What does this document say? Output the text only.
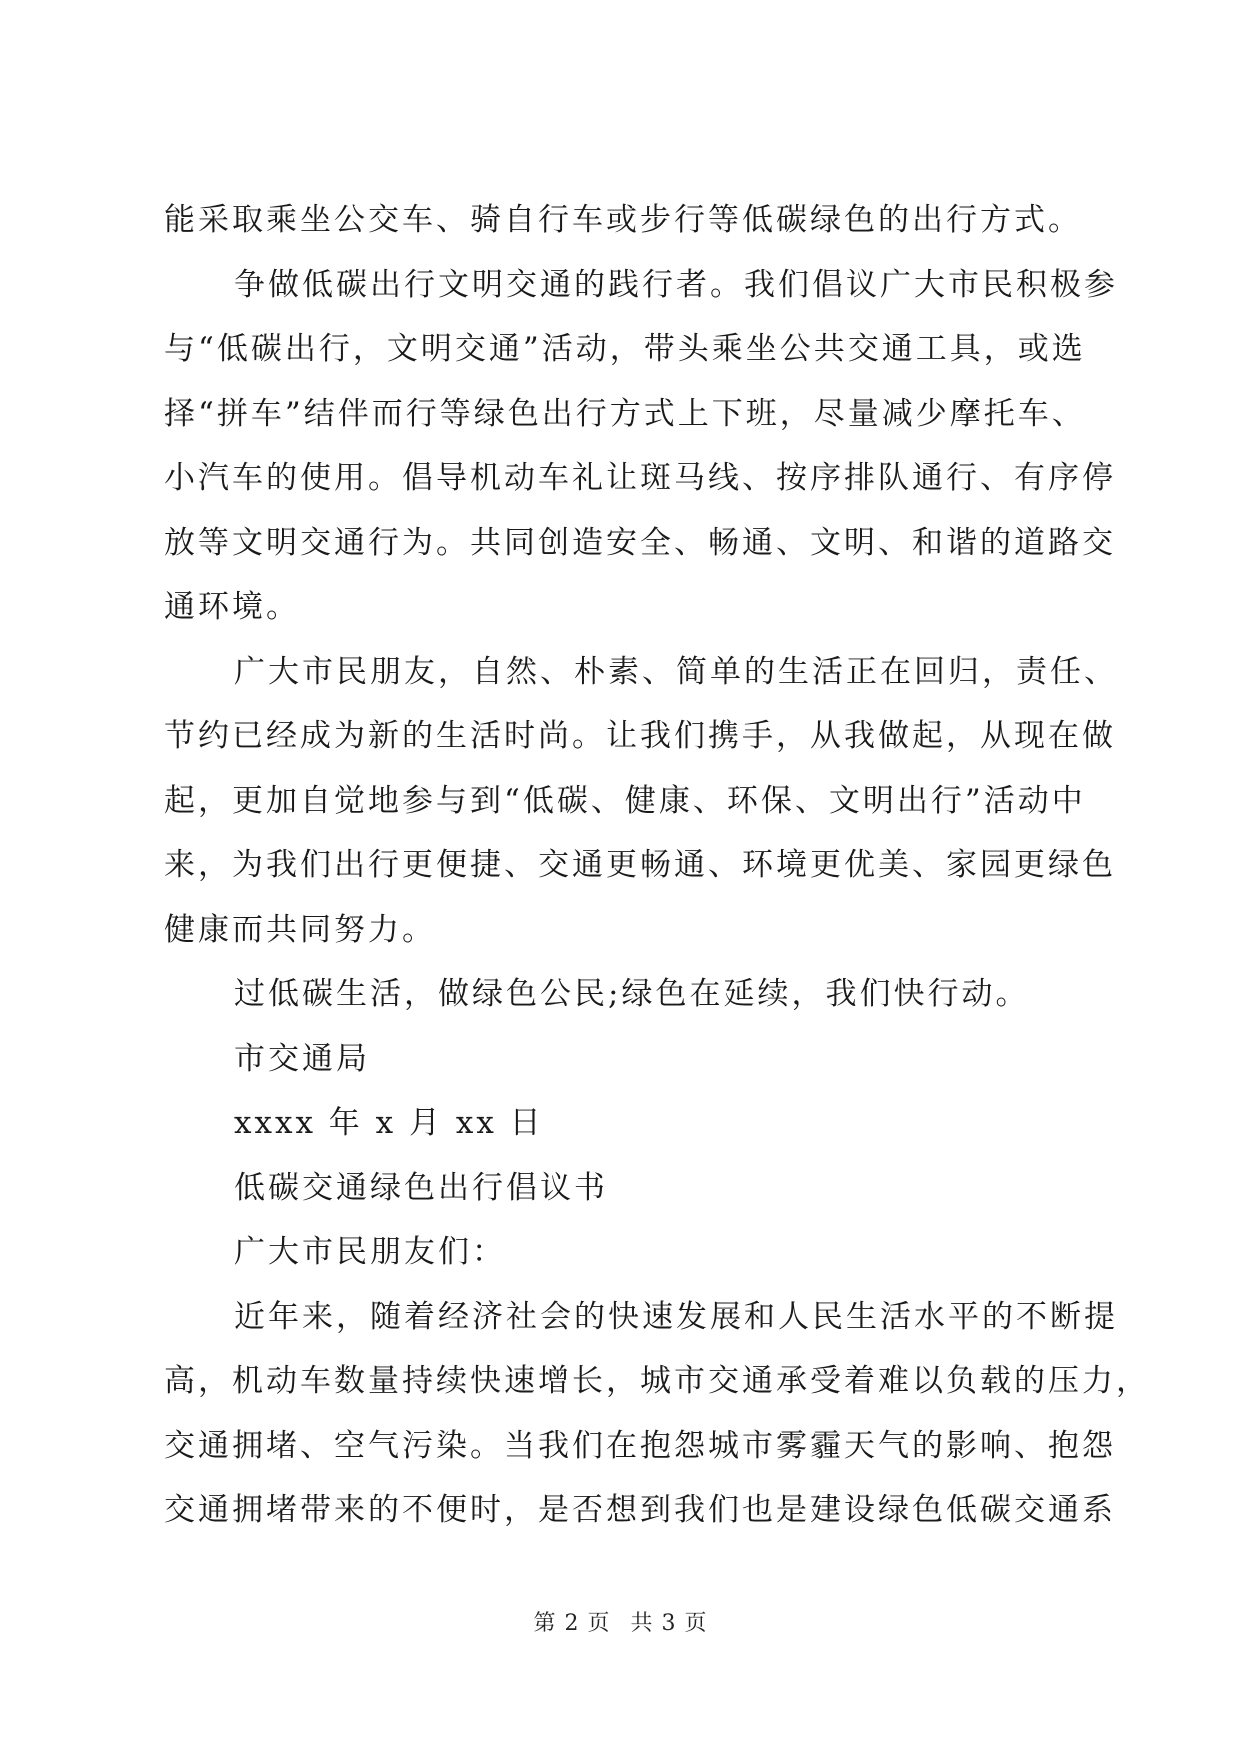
能采取乘坐公交车、骑自行车或步行等低碳绿色的出行方式。
争做低碳出行文明交通的践行者。我们倡议广大市民积极参
与“低碳出行，文明交通”活动，带头乘坐公共交通工具，或选
择“拼车”结伴而行等绿色出行方式上下班，尽量减少摩托车、
小汽车的使用。倡导机动车礼让斑马线、按序排队通行、有序停
放等文明交通行为。共同创造安全、畅通、文明、和谐的道路交
通环境。
广大市民朋友，自然、朴素、简单的生活正在回归，责任、
节约已经成为新的生活时尚。让我们携手，从我做起，从现在做
起，更加自觉地参与到“低碳、健康、环保、文明出行”活动中
来，为我们出行更便捷、交通更畅通、环境更优美、家园更绿色
健康而共同努力。
过低碳生活，做绿色公民;绿色在延续，我们快行动。
市交通局
xxxx 年 x 月 xx 日
低碳交通绿色出行倡议书
广大市民朋友们：
近年来，随着经济社会的快速发展和人民生活水平的不断提
高，机动车数量持续快速增长，城市交通承受着难以负载的压力，
交通拥堵、空气污染。当我们在抱怨城市雾霾天气的影响、抱怨
交通拥堵带来的不便时，是否想到我们也是建设绿色低碳交通系
第 2 页 共 3 页
